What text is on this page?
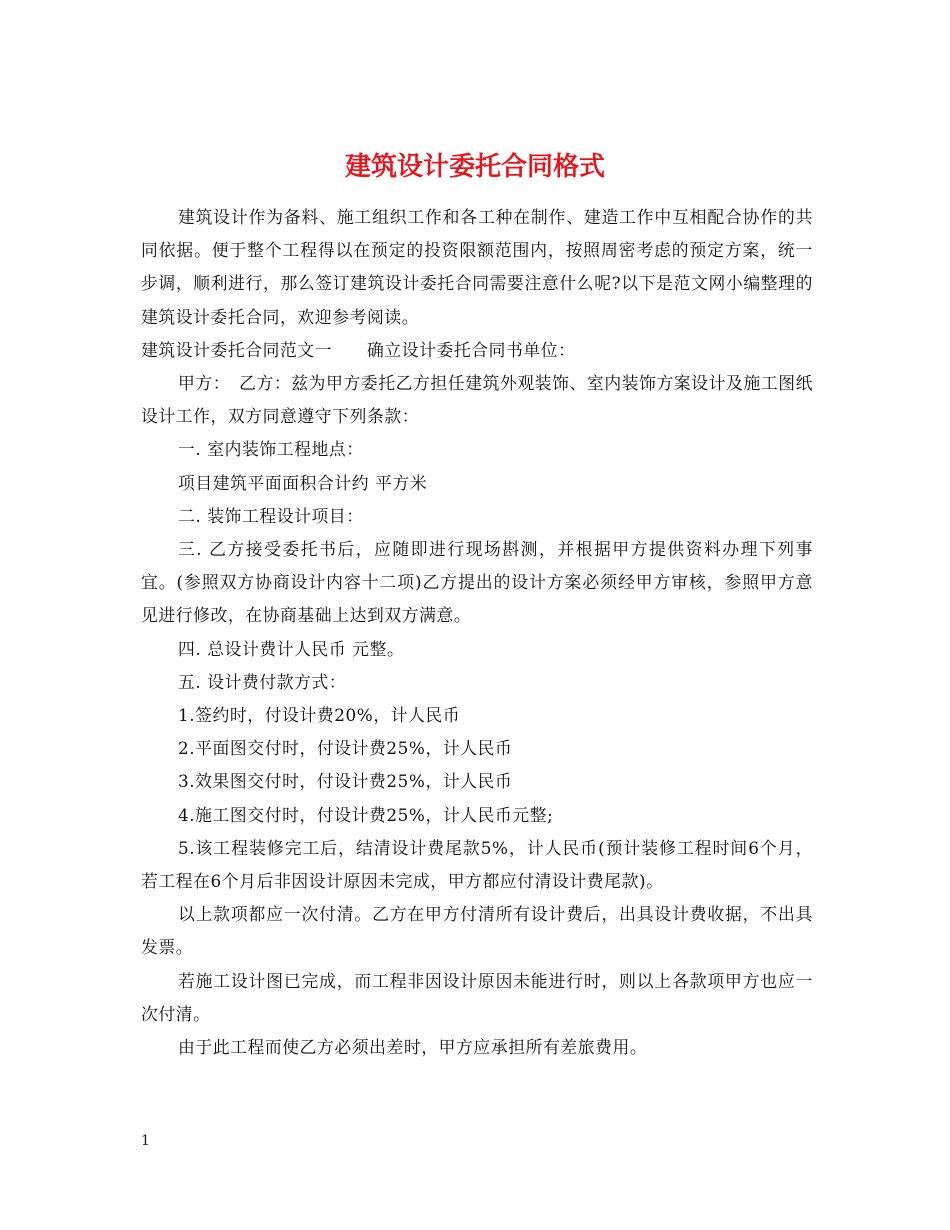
建筑设计委托合同格式

建筑设计作为备料、施工组织工作和各工种在制作、建造工作中互相配合协作的共同依据。便于整个工程得以在预定的投资限额范围内，按照周密考虑的预定方案，统一步调，顺利进行，那么签订建筑设计委托合同需要注意什么呢?以下是范文网小编整理的建筑设计委托合同，欢迎参考阅读。

建筑设计委托合同范文一　　确立设计委托合同书单位：

甲方：　乙方：兹为甲方委托乙方担任建筑外观装饰、室内装饰方案设计及施工图纸设计工作，双方同意遵守下列条款：

一. 室内装饰工程地点：

项目建筑平面面积合计约 平方米

二. 装饰工程设计项目：

三. 乙方接受委托书后，应随即进行现场斟测，并根据甲方提供资料办理下列事宜。(参照双方协商设计内容十二项)乙方提出的设计方案必须经甲方审核，参照甲方意见进行修改，在协商基础上达到双方满意。

四. 总设计费计人民币 元整。

五. 设计费付款方式：

1.签约时，付设计费20%，计人民币

2.平面图交付时，付设计费25%，计人民币

3.效果图交付时，付设计费25%，计人民币

4.施工图交付时，付设计费25%，计人民币元整;

5.该工程装修完工后，结清设计费尾款5%，计人民币(预计装修工程时间6个月，若工程在6个月后非因设计原因未完成，甲方都应付清设计费尾款)。

以上款项都应一次付清。乙方在甲方付清所有设计费后，出具设计费收据，不出具发票。

若施工设计图已完成，而工程非因设计原因未能进行时，则以上各款项甲方也应一次付清。

由于此工程而使乙方必须出差时，甲方应承担所有差旅费用。

1
